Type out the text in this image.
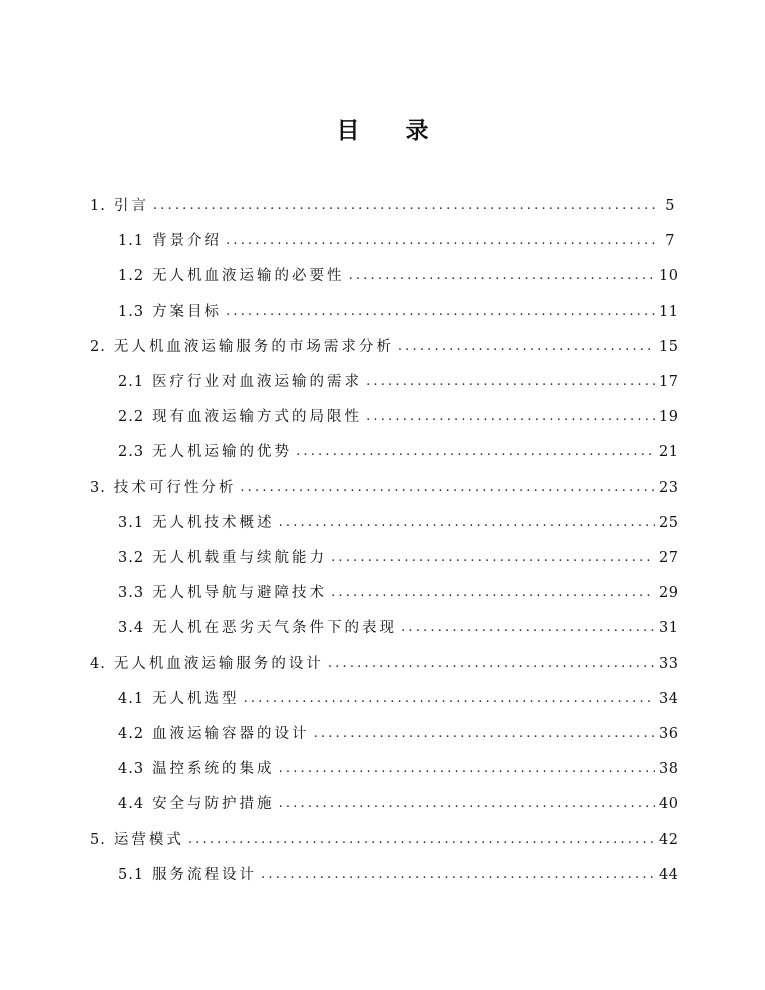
目 录
1. 引言 .....	5
1.1 背景介绍 .....	7
1.2 无人机血液运输的必要性 .....	10
1.3 方案目标 .....	11
2. 无人机血液运输服务的市场需求分析 .....	15
2.1 医疗行业对血液运输的需求 .....	17
2.2 现有血液运输方式的局限性 .....	19
2.3 无人机运输的优势 .....	21
3. 技术可行性分析 .....	23
3.1 无人机技术概述 .....	25
3.2 无人机载重与续航能力 .....	27
3.3 无人机导航与避障技术 .....	29
3.4 无人机在恶劣天气条件下的表现 .....	31
4. 无人机血液运输服务的设计 .....	33
4.1 无人机选型 .....	34
4.2 血液运输容器的设计 .....	36
4.3 温控系统的集成 .....	38
4.4 安全与防护措施 .....	40
5. 运营模式 .....	42
5.1 服务流程设计 .....	44
